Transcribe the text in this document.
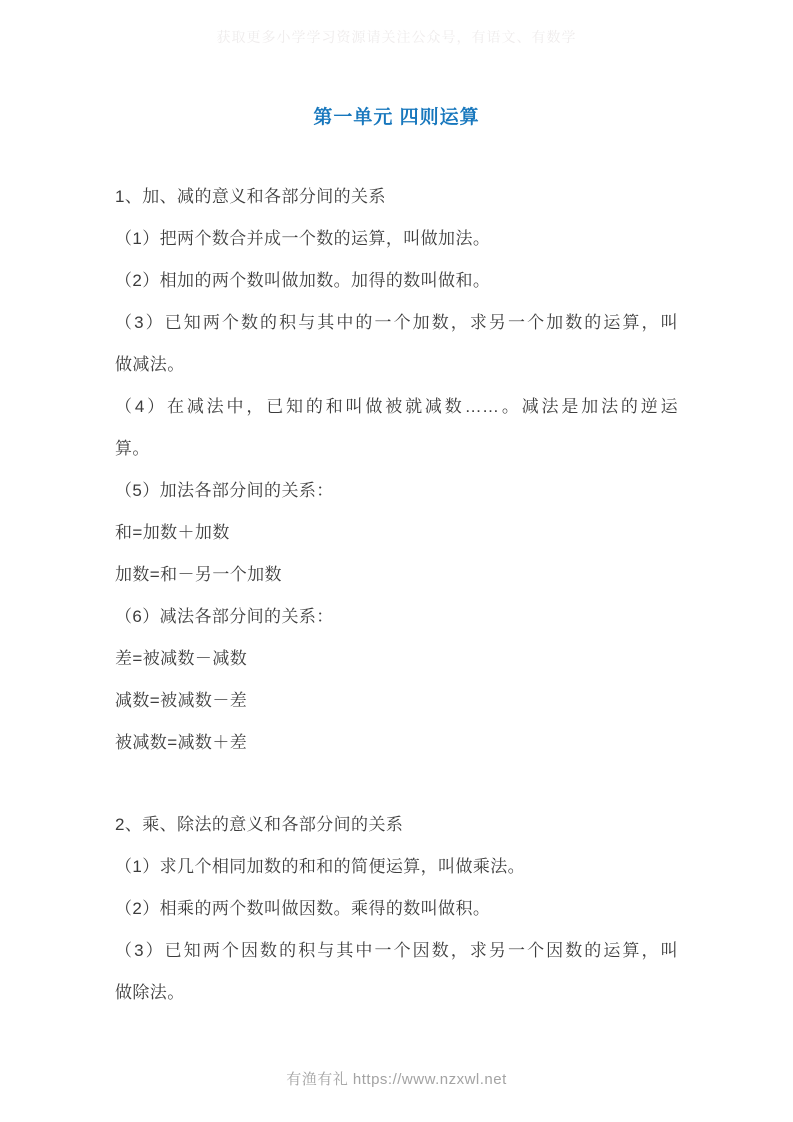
获取更多小学学习资源请关注公众号，有语文、有数学
第一单元 四则运算
1、加、减的意义和各部分间的关系
（1）把两个数合并成一个数的运算，叫做加法。
（2）相加的两个数叫做加数。加得的数叫做和。
（3）已知两个数的积与其中的一个加数，求另一个加数的运算，叫
做减法。
（4）在减法中，已知的和叫做被就减数……。减法是加法的逆运
算。
（5）加法各部分间的关系：
和=加数＋加数
加数=和－另一个加数
（6）减法各部分间的关系：
差=被减数－减数
减数=被减数－差
被减数=减数＋差
2、乘、除法的意义和各部分间的关系
（1）求几个相同加数的和和的简便运算，叫做乘法。
（2）相乘的两个数叫做因数。乘得的数叫做积。
（3）已知两个因数的积与其中一个因数，求另一个因数的运算，叫
做除法。
有渔有礼 https://www.nzxwl.net
